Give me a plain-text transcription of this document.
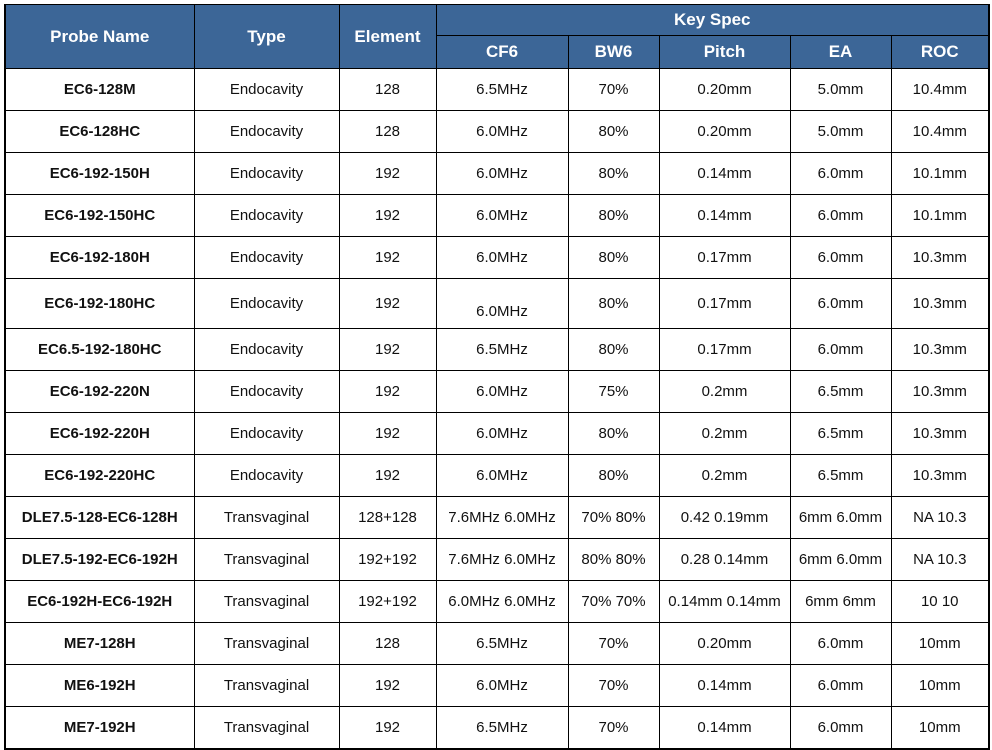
Probe Name	Type	Element	Key Spec				
			CF6	BW6	Pitch	EA	ROC
EC6-128M	Endocavity	128	6.5MHz	70%	0.20mm	5.0mm	10.4mm
EC6-128HC	Endocavity	128	6.0MHz	80%	0.20mm	5.0mm	10.4mm
EC6-192-150H	Endocavity	192	6.0MHz	80%	0.14mm	6.0mm	10.1mm
EC6-192-150HC	Endocavity	192	6.0MHz	80%	0.14mm	6.0mm	10.1mm
EC6-192-180H	Endocavity	192	6.0MHz	80%	0.17mm	6.0mm	10.3mm
EC6-192-180HC	Endocavity	192	6.0MHz	80%	0.17mm	6.0mm	10.3mm
EC6.5-192-180HC	Endocavity	192	6.5MHz	80%	0.17mm	6.0mm	10.3mm
EC6-192-220N	Endocavity	192	6.0MHz	75%	0.2mm	6.5mm	10.3mm
EC6-192-220H	Endocavity	192	6.0MHz	80%	0.2mm	6.5mm	10.3mm
EC6-192-220HC	Endocavity	192	6.0MHz	80%	0.2mm	6.5mm	10.3mm
DLE7.5-128-EC6-128H	Transvaginal	128+128	7.6MHz 6.0MHz	70% 80%	0.42 0.19mm	6mm 6.0mm	NA 10.3
DLE7.5-192-EC6-192H	Transvaginal	192+192	7.6MHz 6.0MHz	80% 80%	0.28 0.14mm	6mm 6.0mm	NA 10.3
EC6-192H-EC6-192H	Transvaginal	192+192	6.0MHz 6.0MHz	70% 70%	0.14mm 0.14mm	6mm 6mm	10 10
ME7-128H	Transvaginal	128	6.5MHz	70%	0.20mm	6.0mm	10mm
ME6-192H	Transvaginal	192	6.0MHz	70%	0.14mm	6.0mm	10mm
ME7-192H	Transvaginal	192	6.5MHz	70%	0.14mm	6.0mm	10mm
